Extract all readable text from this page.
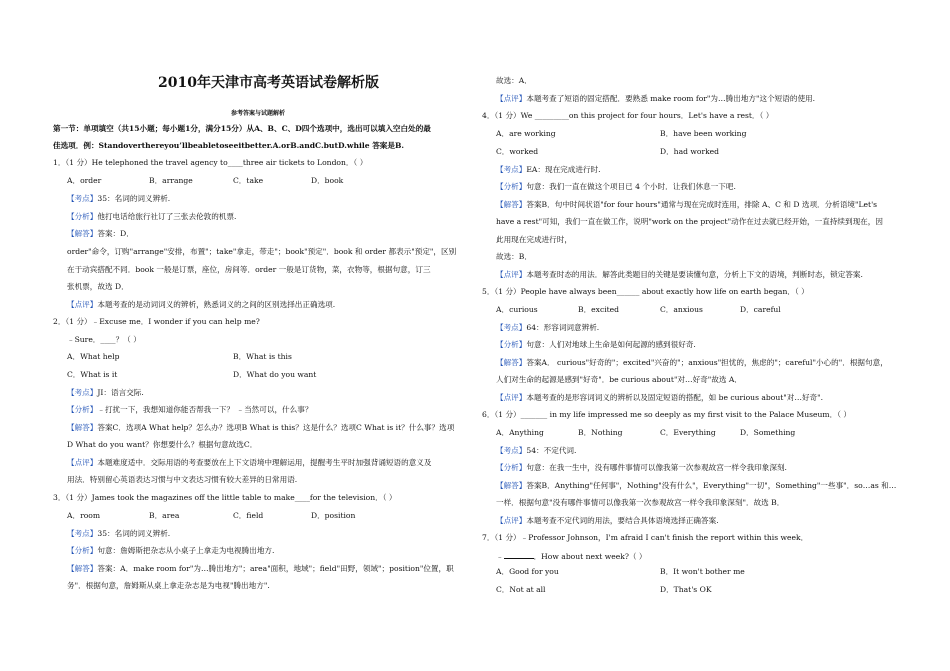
2010年天津市高考英语试卷解析版
参考答案与试题解析
第一节：单项填空（共15小题；每小题1分，满分15分）从A、B、C、D四个选项中，选出可以填入空白处的最
佳选项．例：Standovertherеyou’llbeabletoseeitbetter.A.orB.andC.butD.while 答案是B.
1．（1 分）He telephoned the travel agency to____three air tickets to London．（ ）
A．order	B．arrange	C．take	D．book
【考点】35：名词的词义辨析.
【分析】他打电话给旅行社订了三张去伦敦的机票.
【解答】答案：D．
order"命令，订购"arrange"安排，布置"；take"拿走，带走"；book"预定"．book 和 order 都表示"预定"，区别
在于动宾搭配不同．book 一般是订票，座位，房间等．order 一般是订货物，菜，衣物等，根据句意，订三
张机票，故选 D．
【点评】本题考查的是动词词义的辨析，熟悉词义的之间的区别选择出正确选项.
2．（1 分）﹣Excuse me．I wonder if you can help me?
﹣Sure．____？（ ）
A．What help	B．What is this
C．What is it	D．What do you want
【考点】JI：语言交际.
【分析】﹣打扰一下，我想知道你能否帮我一下？ ﹣当然可以，什么事？
【解答】答案C．选项A What help？怎么办？选项B What is this？这是什么？选项C What is it？什么事？选项
D What do you want？你想要什么？根据句意故选C．
【点评】本题难度适中．交际用语的考查要放在上下文语境中理解运用，提醒考生平时加强背诵短语的意义及
用法．特别留心英语表达习惯与中文表达习惯有较大差异的日常用语.
3．（1 分）James took the magazines off the little table to make____for the television．（ ）
A．room	B．area	C．field	D．position
【考点】35：名词的词义辨析.
【分析】句意：詹姆斯把杂志从小桌子上拿走为电视腾出地方.
【解答】答案：A．make room for"为…腾出地方"；area"面积，地域"；field"田野，领域"；position"位置，职
务"．根据句意，詹姆斯从桌上拿走杂志是为电视"腾出地方".
故选：A．
【点评】本题考查了短语的固定搭配．要熟悉 make room for"为…腾出地方"这个短语的使用.
4．（1 分）We _________on this project for four hours．Let's have a rest．（ ）
A．are working	B．have been working
C．worked	D．had worked
【考点】EA：现在完成进行时.
【分析】句意：我们一直在做这个项目已 4 个小时．让我们休息一下吧.
【解答】答案B．句中时间状语"for four hours"通常与现在完成时连用，排除 A、C 和 D 选项．分析语境"Let's
have a rest"可知，我们一直在做工作，说明"work on the project"动作在过去就已经开始，一直持续到现在，因
此用现在完成进行时，
故选：B．
【点评】本题考查时态的用法．解答此类题目的关键是要读懂句意，分析上下文的语境，判断时态，锁定答案.
5．（1 分）People have always been______ about exactly how life on earth began．（ ）
A．curious	B．excited	C．anxious	D．careful
【考点】64：形容词词意辨析.
【分析】句意：人们对地球上生命是如何起源的感到很好奇.
【解答】答案A． curious"好奇的"；excited"兴奋的"；anxious"担忧的，焦虑的"；careful"小心的"．根据句意，
人们对生命的起源是感到"好奇"．be curious about"对…好奇"故选 A．
【点评】本题考查的是形容词词义的辨析以及固定短语的搭配，如 be curious about"对…好奇".
6．（1 分）_______ in my life impressed me so deeply as my first visit to the Palace Museum．（ ）
A．Anything	B．Nothing	C．Everything	D．Something
【考点】54：不定代词.
【分析】句意：在我一生中，没有哪件事情可以像我第一次参观故宫一样令我印象深刻.
【解答】答案B．Anything"任何事"，Nothing"没有什么"，Everything"一切"，Something"一些事"．so…as 和…
一样．根据句意"没有哪件事情可以像我第一次参观故宫一样令我印象深刻"．故选 B．
【点评】本题考查不定代词的用法，要结合具体语境选择正确答案.
7．（1 分）﹣Professor Johnson，I'm afraid I can't finish the report within this week．
﹣	．How about next week?（ ）
A．Good for you	B．It won't bother me
C．Not at all	D．That's OK
